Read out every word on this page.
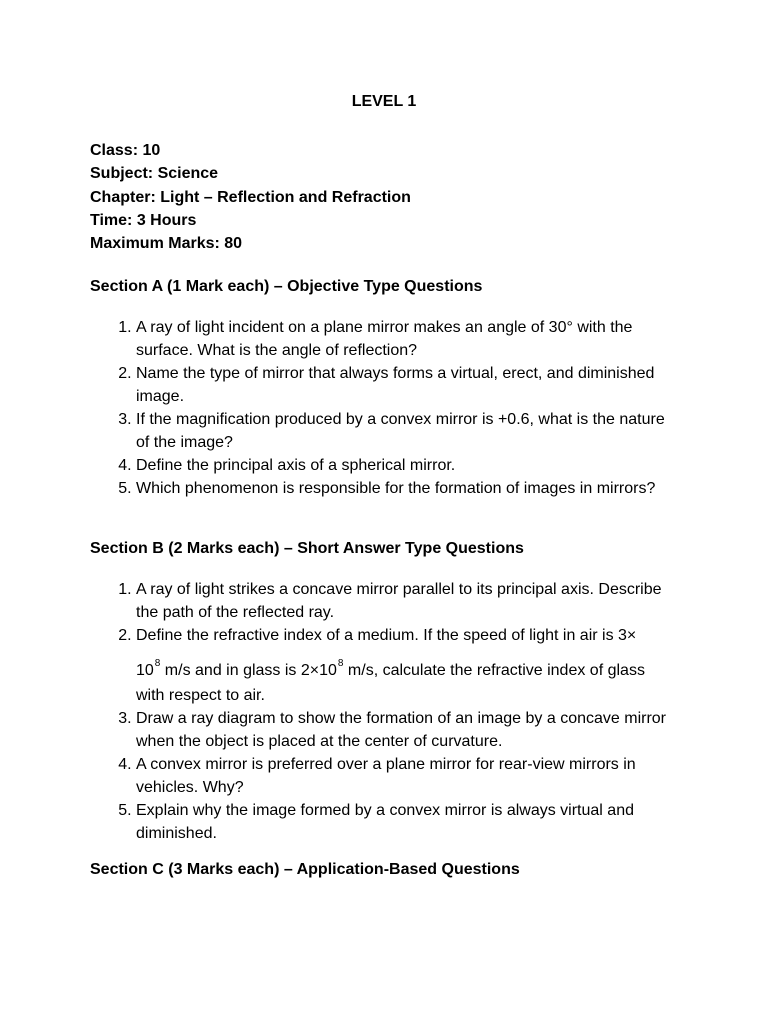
LEVEL 1
Class: 10
Subject: Science
Chapter: Light – Reflection and Refraction
Time: 3 Hours
Maximum Marks: 80
Section A (1 Mark each) – Objective Type Questions
1. A ray of light incident on a plane mirror makes an angle of 30° with the surface. What is the angle of reflection?
2. Name the type of mirror that always forms a virtual, erect, and diminished image.
3. If the magnification produced by a convex mirror is +0.6, what is the nature of the image?
4. Define the principal axis of a spherical mirror.
5. Which phenomenon is responsible for the formation of images in mirrors?
Section B (2 Marks each) – Short Answer Type Questions
1. A ray of light strikes a concave mirror parallel to its principal axis. Describe the path of the reflected ray.
2. Define the refractive index of a medium. If the speed of light in air is 3×
$10^8$ m/s and in glass is $2\times 10^8$ m/s, calculate the refractive index of glass with respect to air.
3. Draw a ray diagram to show the formation of an image by a concave mirror when the object is placed at the center of curvature.
4. A convex mirror is preferred over a plane mirror for rear-view mirrors in vehicles. Why?
5. Explain why the image formed by a convex mirror is always virtual and diminished.
Section C (3 Marks each) – Application-Based Questions
